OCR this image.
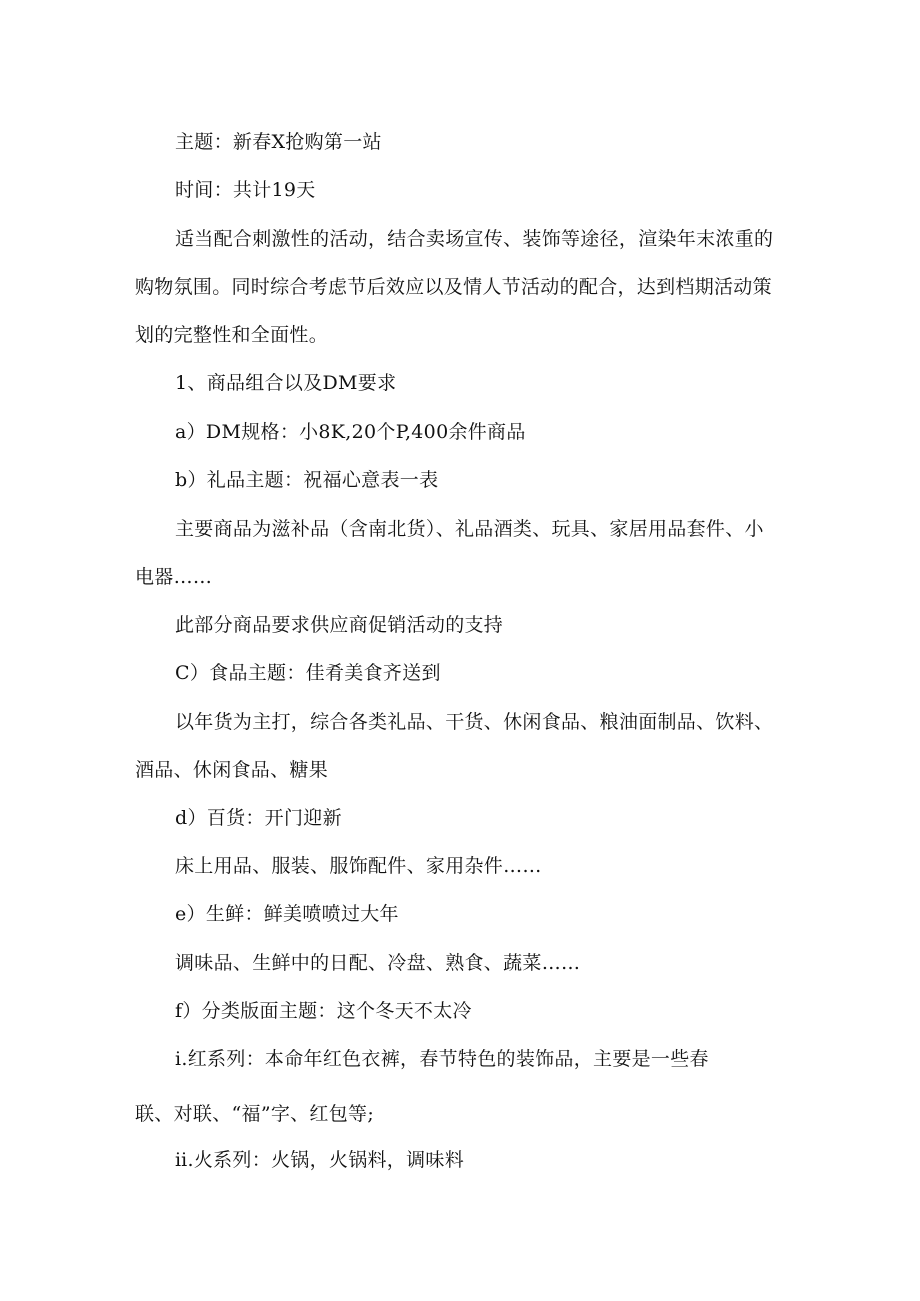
主题：新春X抢购第一站
时间：共计19天
适当配合刺激性的活动，结合卖场宣传、装饰等途径，渲染年末浓重的
购物氛围。同时综合考虑节后效应以及情人节活动的配合，达到档期活动策
划的完整性和全面性。
1、商品组合以及DM要求
a）DM规格：小8K,20个P,400余件商品
b）礼品主题：祝福心意表一表
主要商品为滋补品（含南北货）、礼品酒类、玩具、家居用品套件、小
电器……
此部分商品要求供应商促销活动的支持
C）食品主题：佳肴美食齐送到
以年货为主打，综合各类礼品、干货、休闲食品、粮油面制品、饮料、
酒品、休闲食品、糖果
d）百货：开门迎新
床上用品、服装、服饰配件、家用杂件……
e）生鲜：鲜美喷喷过大年
调味品、生鲜中的日配、冷盘、熟食、蔬菜……
f）分类版面主题：这个冬天不太冷
ⅰ.红系列：本命年红色衣裤，春节特色的装饰品，主要是一些春
联、对联、“福”字、红包等;
ⅱ.火系列：火锅，火锅料，调味料
